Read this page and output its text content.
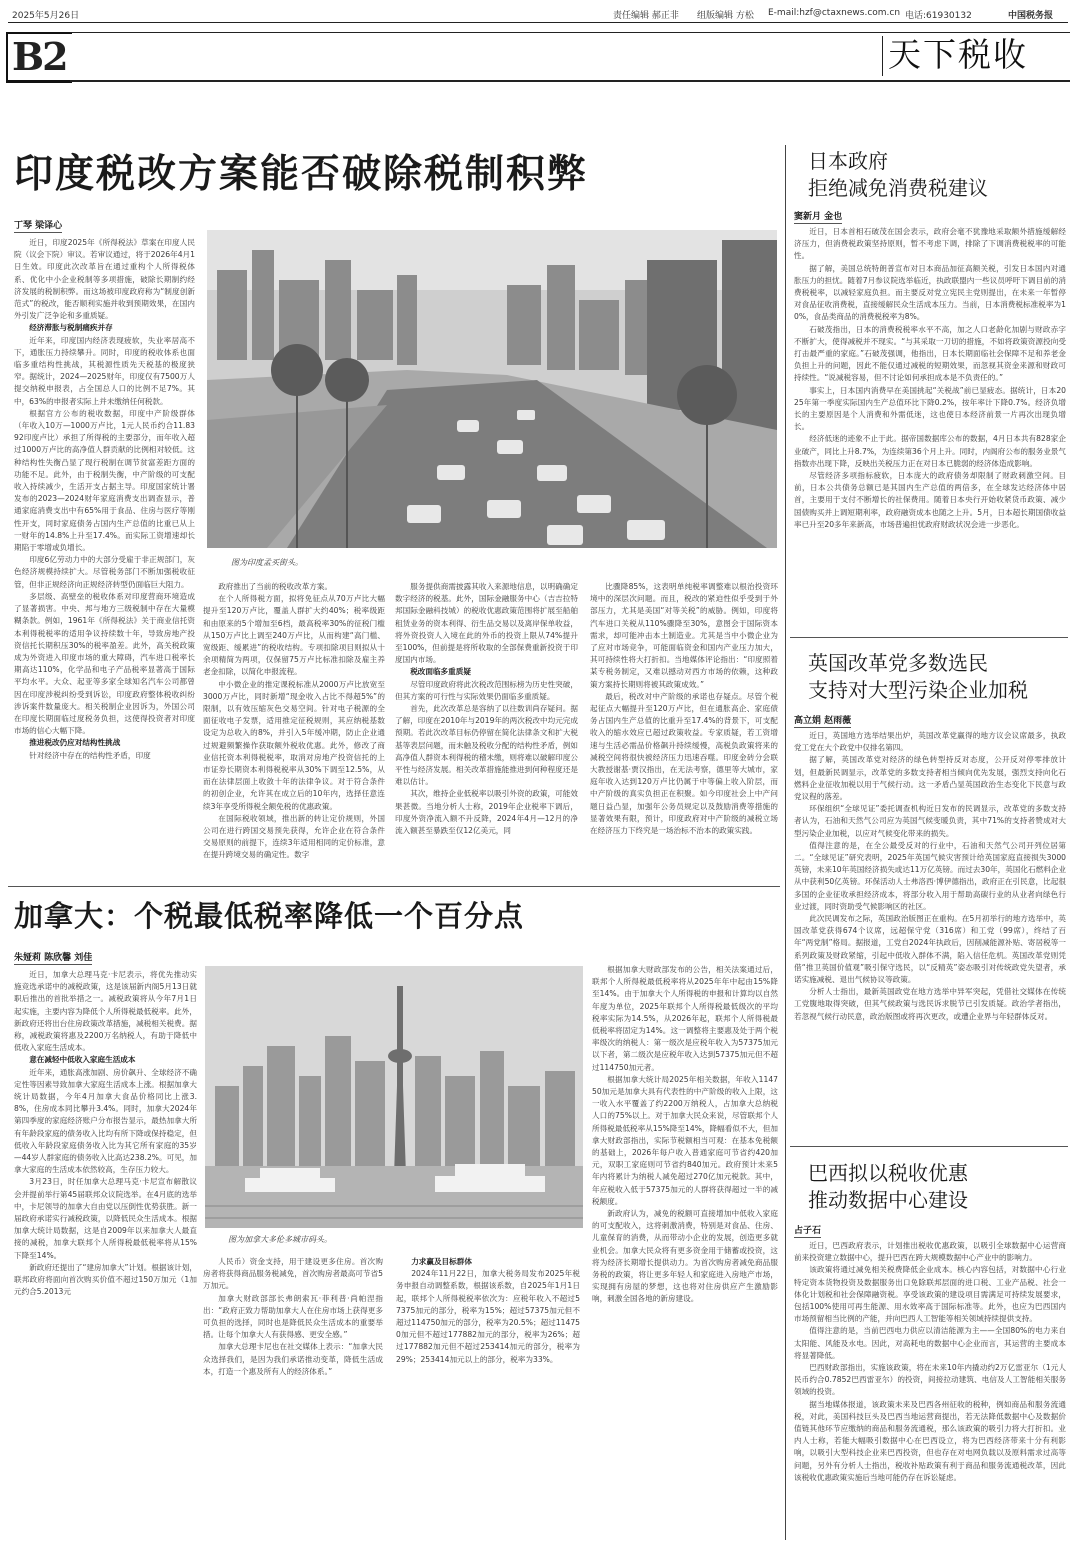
2025年5月26日	责任编辑 郝正非 组版编辑 方松 E-mail:hzf@ctaxnews.com.cn 电话:61930132	中国税务报
B2	天下税收
印度税改方案能否破除税制积弊
丁琴 梁译心

近日，印度2025年《所得税法》草案在印度人民院（议会下院）审议。若审议通过，将于2026年4月1日生效。印度此次改革旨在通过重构个人所得税体系、优化中小企业税制等多项措施，破除长期制约经济发展的税制积弊。而这场被印度政府称为“制度创新范式”的税改，能否顺利实施并收到预期效果，在国内外引发广泛争论和多重质疑。

经济滞胀与税制痛疾并存

近年来，印度国内经济表现疲软，失业率居高不下，通胀压力持续攀升。同时，印度的税收体系也面临多重结构性挑战，其税源性质先天税基的极度狭窄。据统计，2024—2025财年，印度仅有7500万人提交纳税申报表，占全国总人口的比例不足7%。其中，63%的申报者实际上并未缴纳任何税款。

根据官方公布的税收数据，印度中产阶级群体（年收入10万—1000万卢比，1元人民币约合11.8392印度卢比）承担了所得税的主要部分，而年收入超过1000万卢比的高净值人群贡献的比例相对较低。这种结构性失衡凸显了现行税制在调节贫富差距方面的功能不足。此外，由于税制失衡，中产阶级的可支配收入持续减少，生活开支占据主导。印度国家统计署发布的2023—2024财年家庭消费支出调查显示，普通家庭消费支出中有65%用于食品、住房与医疗等刚性开支，同时家庭债务占国内生产总值的比重已从上一财年的14.8%上升至17.4%。而实际工资增速却长期陷于零增或负增长。

印度6亿劳动力中的大部分受雇于非正规部门，灰色经济规模持续扩大。尽管税务部门不断加强税收征管，但非正规经济向正规经济转型仍面临巨大阻力。

多层级、高壁垒的税收体系对印度营商环境造成了显著损害。中央、邦与地方三级税制中存在大量模糊条款。例如，1961年《所得税法》关于商业信托资本利得税税率的适用争议持续数十年，导致房地产投资信托长期积压30%的税率盈差。此外，高关税政策成为外资进入印度市场的重大障碍，汽车进口税率长期高达110%，化学品和电子产品税率显著高于国际平均水平。大众、起亚等多家全球知名汽车公司都曾因在印度涉税纠纷受到诉讼，印度政府整体税收纠纷涉诉案件数量庞大。相关税制企业因诉为，外国公司在印度长期面临过度税务负担，这使得投资者对印度市场的信心大幅下降。

推进税改仍应对结构性挑战

针对经济中存在的结构性矛盾，印度

图为印度孟买街头。

政府推出了当前的税收改革方案。

在个人所得税方面，拟将免征点从70万卢比大幅提升至120万卢比，覆盖人群扩大约40%；税率级距和由原来的5个增加至6档，最高税率30%的征税门槛从150万卢比上调至240万卢比，从而构建“高门槛、宽级距、缓累进”的税收结构。专项扣除项目则拟从十余项精简为两项，仅保留75万卢比标准扣除及雇主养老金扣除，以简化申报流程。

中小微企业的推定课税标准从2000万卢比放宽至3000万卢比，同时新增“现金收入占比不得超5%”的限制，以有效压缩灰色交易空间。针对电子税源的全面征收电子发票，适用推定征税规则，其应纳税基数设定为总收入的8%，并引入5年缓冲期，防止企业通过规避频繁操作获取额外税收优惠。此外，修改了商业信托资本利得税税率，取消对房地产投资信托的上市证券长期资本利得税税率从30%下调至12.5%，从而在法律层面上收敛十年的法律争议。对于符合条件的初创企业，允许其在成立后的10年内，选择任意连续3年享受所得税全额免税的优惠政策。

在国际税收领域，推出新的转让定价规则，外国公司在进行跨国交易预先获得，允许企业在符合条件交易原则的前提下，连续3年适用相同的定价标准，意在提升跨境交易的确定性。数字

服务提供商需披露其收入来源地信息，以明确确定数字经济的税基。此外，国际金融服务中心（吉吉拉特邦国际金融科技城）的税收优惠政策范围将扩展至船舶租赁业务的资本利得、衍生品交易以及离岸保单收益，将外资投资人入境在此的外币的投资上限从74%提升至100%，但前提是将所收取的全部保费重新投资于印度国内市场。

税改面临多重质疑

尽管印度政府将此次税改范围标榜为历史性突破，但其方案的可行性与实际效果仍面临多重质疑。

首先，此次改革总是容纳了以往数训尚存疑问。据了解，印度在2010年与2019年的两次税改中均元完成预期。若此次改革目标仍停留在简化法律条文和扩大税基等表层问题，而未触及税收分配的结构性矛盾，例如高净值人群资本利得税的稽未缴，则将难以破解印度公平性与经济发展。相关改革措施能推进到何种程度还是难以估计。

其次，维持企业低税率以吸引外资的政策，可能效果甚微。当地分析人士称，2019年企业税率下调后，印度外资净流入额不升反降，2024年4月—12月的净流入额甚至暴跌至仅12亿美元，同

比骤降85%，这表明单纯税率调整难以根治投资环境中的深层次问题。而且，税改的紧迫性似乎受到于外部压力，尤其是美国“对等关税”的威胁。例如，印度将汽车进口关税从110%骤降至30%，意图会于国际资本需求，却可能冲击本土制造业。尤其是当中小微企业为了应对市场竞争，可能面临资金和国内产业压力加大，其可持续性将大打折扣。当地媒体评论指出：“印度照着某专税务制定，又难以撼动对西方市场的依赖，这种政策方案持长期则将被其政策成效。”

最后，税改对中产阶级的承诺也存疑点。尽管个税起征点大幅提升至120万卢比，但在通胀高企、家庭债务占国内生产总值的比重升至17.4%的背景下，可支配收入的缩水效应已超过政策收益。专家质疑，若工资增速与生活必需品价格飙升持续缓慢，高税负政策将来的减税空间将很快被经济压力迅速吞噬。印度金砖分会联大教授谢基·贾汉指出，在无法考察，德里等大城市，家庭年收入达到120万卢比仍属于中等偏上收入阶层，而中产阶级的真实负担正在积聚。如今印度社会上中产问题日益凸显，加强年公务员规定以及鼓励消费等措施的显著效果有限，预计，印度政府对中产阶级的减税立场在经济压力下终究是一场治标不治本的政策实践。

加拿大：个税最低税率降低一个百分点
朱娅莉 陈欣馨 刘佳

近日，加拿大总理马克·卡尼表示，将优先推动实施竞选承诺中的减税政策，这是该届新内阁5月13日就职后推出的首批举措之一。减税政策将从今年7月1日起实施，主要内容为降低个人所得税最低税率。此外，新政府还将出台住房政策改革措施，减税相关税费。据称，减税政策将惠及2200万名纳税人，有助于降低中低收入家庭生活成本。

意在减轻中低收入家庭生活成本

近年来，通胀高涨加剧、房价飙升、全球经济不确定性等因素导致加拿大家庭生活成本上涨。根据加拿大统计局数据，今年4月加拿大食品价格同比上涨3.8%，住房成本同比攀升3.4%。同时，加拿大2024年第四季度的家庭经济账户分布报告显示，最热加拿大所有年龄段家庭的债务收入比均有所下降或保持稳定，但低收入年龄段家庭债务收入比为其它所有家庭的35岁—44岁人群家庭的债务收入比高达238.2%。可见，加拿大家庭的生活成本依然较高，生存压力较大。

3月23日，时任加拿大总理马克·卡尼宣布解散议会并提前举行第45届联邦众议院选举。在4月底的选举中，卡尼领导的加拿大自由党以压倒性优势获胜。新一届政府承诺实行减税政策，以降低民众生活成本。根据加拿大统计局数据，这是自2009年以来加拿大人最直接的减税，加拿大联邦个人所得税最低税率将从15%下降至14%。

新政府还提出了“建房加拿大”计划。根据该计划，联邦政府将面向首次购买价值不超过150万加元（1加元约合5.2013元

图为加拿大多伦多城市码头。

人民币）资金支持，用于建设更多住房。首次购房者将获得商品服务税减免，首次购房者最高可节省5万加元。

加拿大财政部部长弗朗索瓦·菲利普·尚帕涅指出：“政府正致力帮助加拿大人在住房市场上获得更多可负担的选择，同时也是降低民众生活成本的重要举措。让每个加拿大人有获得感、更安全感。”

加拿大总理卡尼也在社交媒体上表示：“加拿大民众选择我们，是因为我们承诺推动变革，降低生活成本，打造一个惠及所有人的经济体系。”

力求赢及目标群体

2024年11月22日，加拿大税务局发布2025年税务申报自动调整系数，根据该系数，自2025年1月1日起，联邦个人所得税税率依次为：应税年收入不超过57375加元的部分，税率为15%；超过57375加元但不超过114750加元的部分，税率为20.5%；超过114750加元但不超过177882加元的部分，税率为26%；超过177882加元但不超过253414加元的部分，税率为29%；253414加元以上的部分，税率为33%。

根据加拿大财政部发布的公告，相关法案通过后，联邦个人所得税最低税率将从2025年年中起由15%降至14%。由于加拿大个人所得税的申报和计算均以自然年度为单位，2025年联邦个人所得税最低级次的平均税率实际为14.5%，从2026年起，联邦个人所得税最低税率将固定为14%。这一调整将主要惠及处于两个税率级次的纳税人：第一级次是应税年收入为57375加元以下者，第二级次是应税年收入达到57375加元但不超过114750加元者。

根据加拿大统计局2025年相关数据，年收入114750加元是加拿大具有代表性的中产阶级的收入上限，这一收入水平覆盖了约2200万纳税人，占加拿大总纳税人口的75%以上。对于加拿大民众来说，尽管联邦个人所得税最低税率从15%降至14%，降幅看似不大，但加拿大财政部指出，实际节税额相当可观：在基本免税额的基础上，2026年每户收入普通家庭可节省约420加元，双职工家庭则可节省约840加元。政府预计未来5年内将累计为纳税人减免超过270亿加元税款。其中，年应税收入低于57375加元的人群将获得超过一半的减税额度。

新政府认为，减免的税额可直接增加中低收入家庭的可支配收入，这将刺激消费，特别是对食品、住房、儿童保育的消费，从而带动小企业的发展，创造更多就业机会。加拿大民众将有更多资金用于储蓄或投资，这将为经济长期增长提供动力。为首次购房者减免商品服务税的政策，将让更多年轻人和家庭进入房地产市场，实现拥有房屋的梦想，这也将对住房供应产生激励影响，刺激全国各地的新房建设。

日本政府
拒绝减免消费税建议
窦新月 金也

近日，日本首相石破茂在国会表示，政府会毫不犹豫地采取额外措施缓解经济压力，但消费税政策坚持原则，暂不考虑下调，排除了下调消费税税率的可能性。

据了解，美国总统特朗普宣布对日本商品加征高额关税，引发日本国内对通胀压力的担忧。随着7月参议院选举临近，执政联盟内一些议员呼吁下调目前的消费税税率，以减轻家庭负担。而主要反对党立宪民主党则提出，在未来一年暂停对食品征收消费税，直接缓解民众生活成本压力。当前，日本消费税标准税率为10%，食品类商品的消费税税率为8%。

石破茂指出，日本的消费税税率水平不高，加之人口老龄化加剧与财政赤字不断扩大，使得减税并不现实。“与其采取一刀切的措施，不如将政策资源投向受打击最严重的家庭。”石破茂强调，他指出，日本长期面临社会保障不足和养老金负担上升的问题，因此不能仅通过减税的短期效果，而忽视其资金来源和财政可持续性。“说减税容易，但不讨论如何承担成本是不负责任的。”

事实上，日本国内消费早在美国挑起“关税战”前已显疲态。据统计，日本2025年第一季度实际国内生产总值环比下降0.2%，按年率计下降0.7%。经济负增长的主要原因是个人消费和外需低迷，这也使日本经济前景一片再次出现负增长。

经济低迷的迹象不止于此。据帝国数据库公布的数据，4月日本共有828家企业破产，同比上升8.7%，为连续第36个月上升。同时，内阁府公布的服务业景气指数亦出现下降，反映出关税压力正在对日本已脆弱的经济体造成影响。

尽管经济多项指标疲软，日本庞大的政府债务却限制了财政刺激空间。目前，日本公共债务总额已是其国内生产总值的两倍多，在全球发达经济体中居首，主要用于支付不断增长的社保费用。随着日本央行开始收紧货币政策、减少国债购买并上调短期利率，政府融资成本也随之上升。5月，日本超长期国债收益率已升至20多年来新高，市场普遍担忧政府财政状况会进一步恶化。

英国改革党多数选民
支持对大型污染企业加税
高立娟 赵雨薇

近日，英国地方选举结果出炉，英国改革党赢得的地方议会议席最多，执政党工党在大个政党中仅排名第四。

据了解，英国改革党对经济的绿色转型持反对态度，公开反对停零排放计划，但最新民调显示，改革党的多数支持者相当倾向优先发展，强烈支持向化石燃料企业征收加税以用于气候行动。这一矛盾凸显英国政治生态变化下民意与政党议程的落差。

环保组织“全球见证”委托调查机构近日发布的民调显示，改革党的多数支持者认为，石油和天然气公司应为英国气候变暖负责，其中71%的支持者赞成对大型污染企业加税，以应对气候变化带来的损失。

值得注意的是，在全公最受反对的行业中，石油和天然气公司开列位居第二。“全球见证”研究表明，2025年英国气候灾害预计给英国家庭直接损失3000英镑，未来10年英国经济损失或达11万亿英镑。而过去30年，英国化石燃料企业从中获利50亿英镑。环保活动人士弗洛西·博伊德指出，政府正在引民意，比起很多国的企业征收承担经济成本，将部分收入用于帮助高碳行业的从业者向绿色行业过渡，同时资助受气候影响区的社区。

此次民调发布之际，英国政治版图正在重构。在5月初举行的地方选举中，英国改革党获得674个议席，远超保守党（316席）和工党（99席），终结了百年“两党制”格局。据报道，工党自2024年执政后，因削减能源补贴、寄居税等一系列政策及财政紧缩，引起中低收入群体不满，陷入信任危机。英国改革党则凭借“推卫英国价值观”吸引保守选民，以“反精英”姿态吸引对传统政党失望者，承诺实施减税、退出气候协议等政策。

分析人士指出，最新英国政党在地方选举中异军突起，凭借社交媒体在传统工党腹地取得突破，但其气候政策与选民诉求脱节已引发质疑。政治学者指出，若忽视气候行动民意，政治版图或将再次更改，或遭企业界与年轻群体反对。

巴西拟以税收优惠
推动数据中心建设
占子石

近日，巴西政府表示，计划推出税收优惠政策，以吸引全球数据中心运营商前来投资建立数据中心，提升巴西在跨大规模数据中心产业中的影响力。

该政策将通过减免相关税费降低企业成本。核心内容包括，对数据中心行业特定资本货物投资及数据服务出口免除联邦层面的进口税、工业产品税、社会一体化计划税和社会保障融资税。享受该政策的建设项目需满足可持续发展要求，包括100%使用可再生能源、用水效率高于国际标准等。此外，也应为巴西国内市场预留相当比例的产能，并向巴西人工智能等相关领域持续提供支持。

值得注意的是，当前巴西电力供应以清洁能源为主——全国80%的电力来自太阳能、风能及水电。因此，对高耗电的数据中心企业而言，其运营的主要成本将显著降低。

巴西财政部指出，实施该政策，将在未来10年内撬动约2万亿雷亚尔（1元人民币约合0.7852巴西雷亚尔）的投资，间接拉动建筑、电信及人工智能相关服务领域的投资。

据当地媒体报道，该政策未来及巴西各州征收的税种，例如商品和服务流通税，对此，美国科技巨头及巴西当地运营商提出，若无法降低数据中心及数据价值链其他环节应缴纳的商品和服务流通税，那么该政策的吸引力将大打折扣。业内人士称，若能大幅吸引数据中心在巴西设立，将为巴西经济带来十分有利影响，以吸引大型科技企业来巴西投资，但也存在对电网负载以及原料需求过高等问题，另外有分析人士指出，税收补贴政策有利于商品和服务流通税改革，因此该税收优惠政策实施后当地可能仍存在诉讼疑虑。
